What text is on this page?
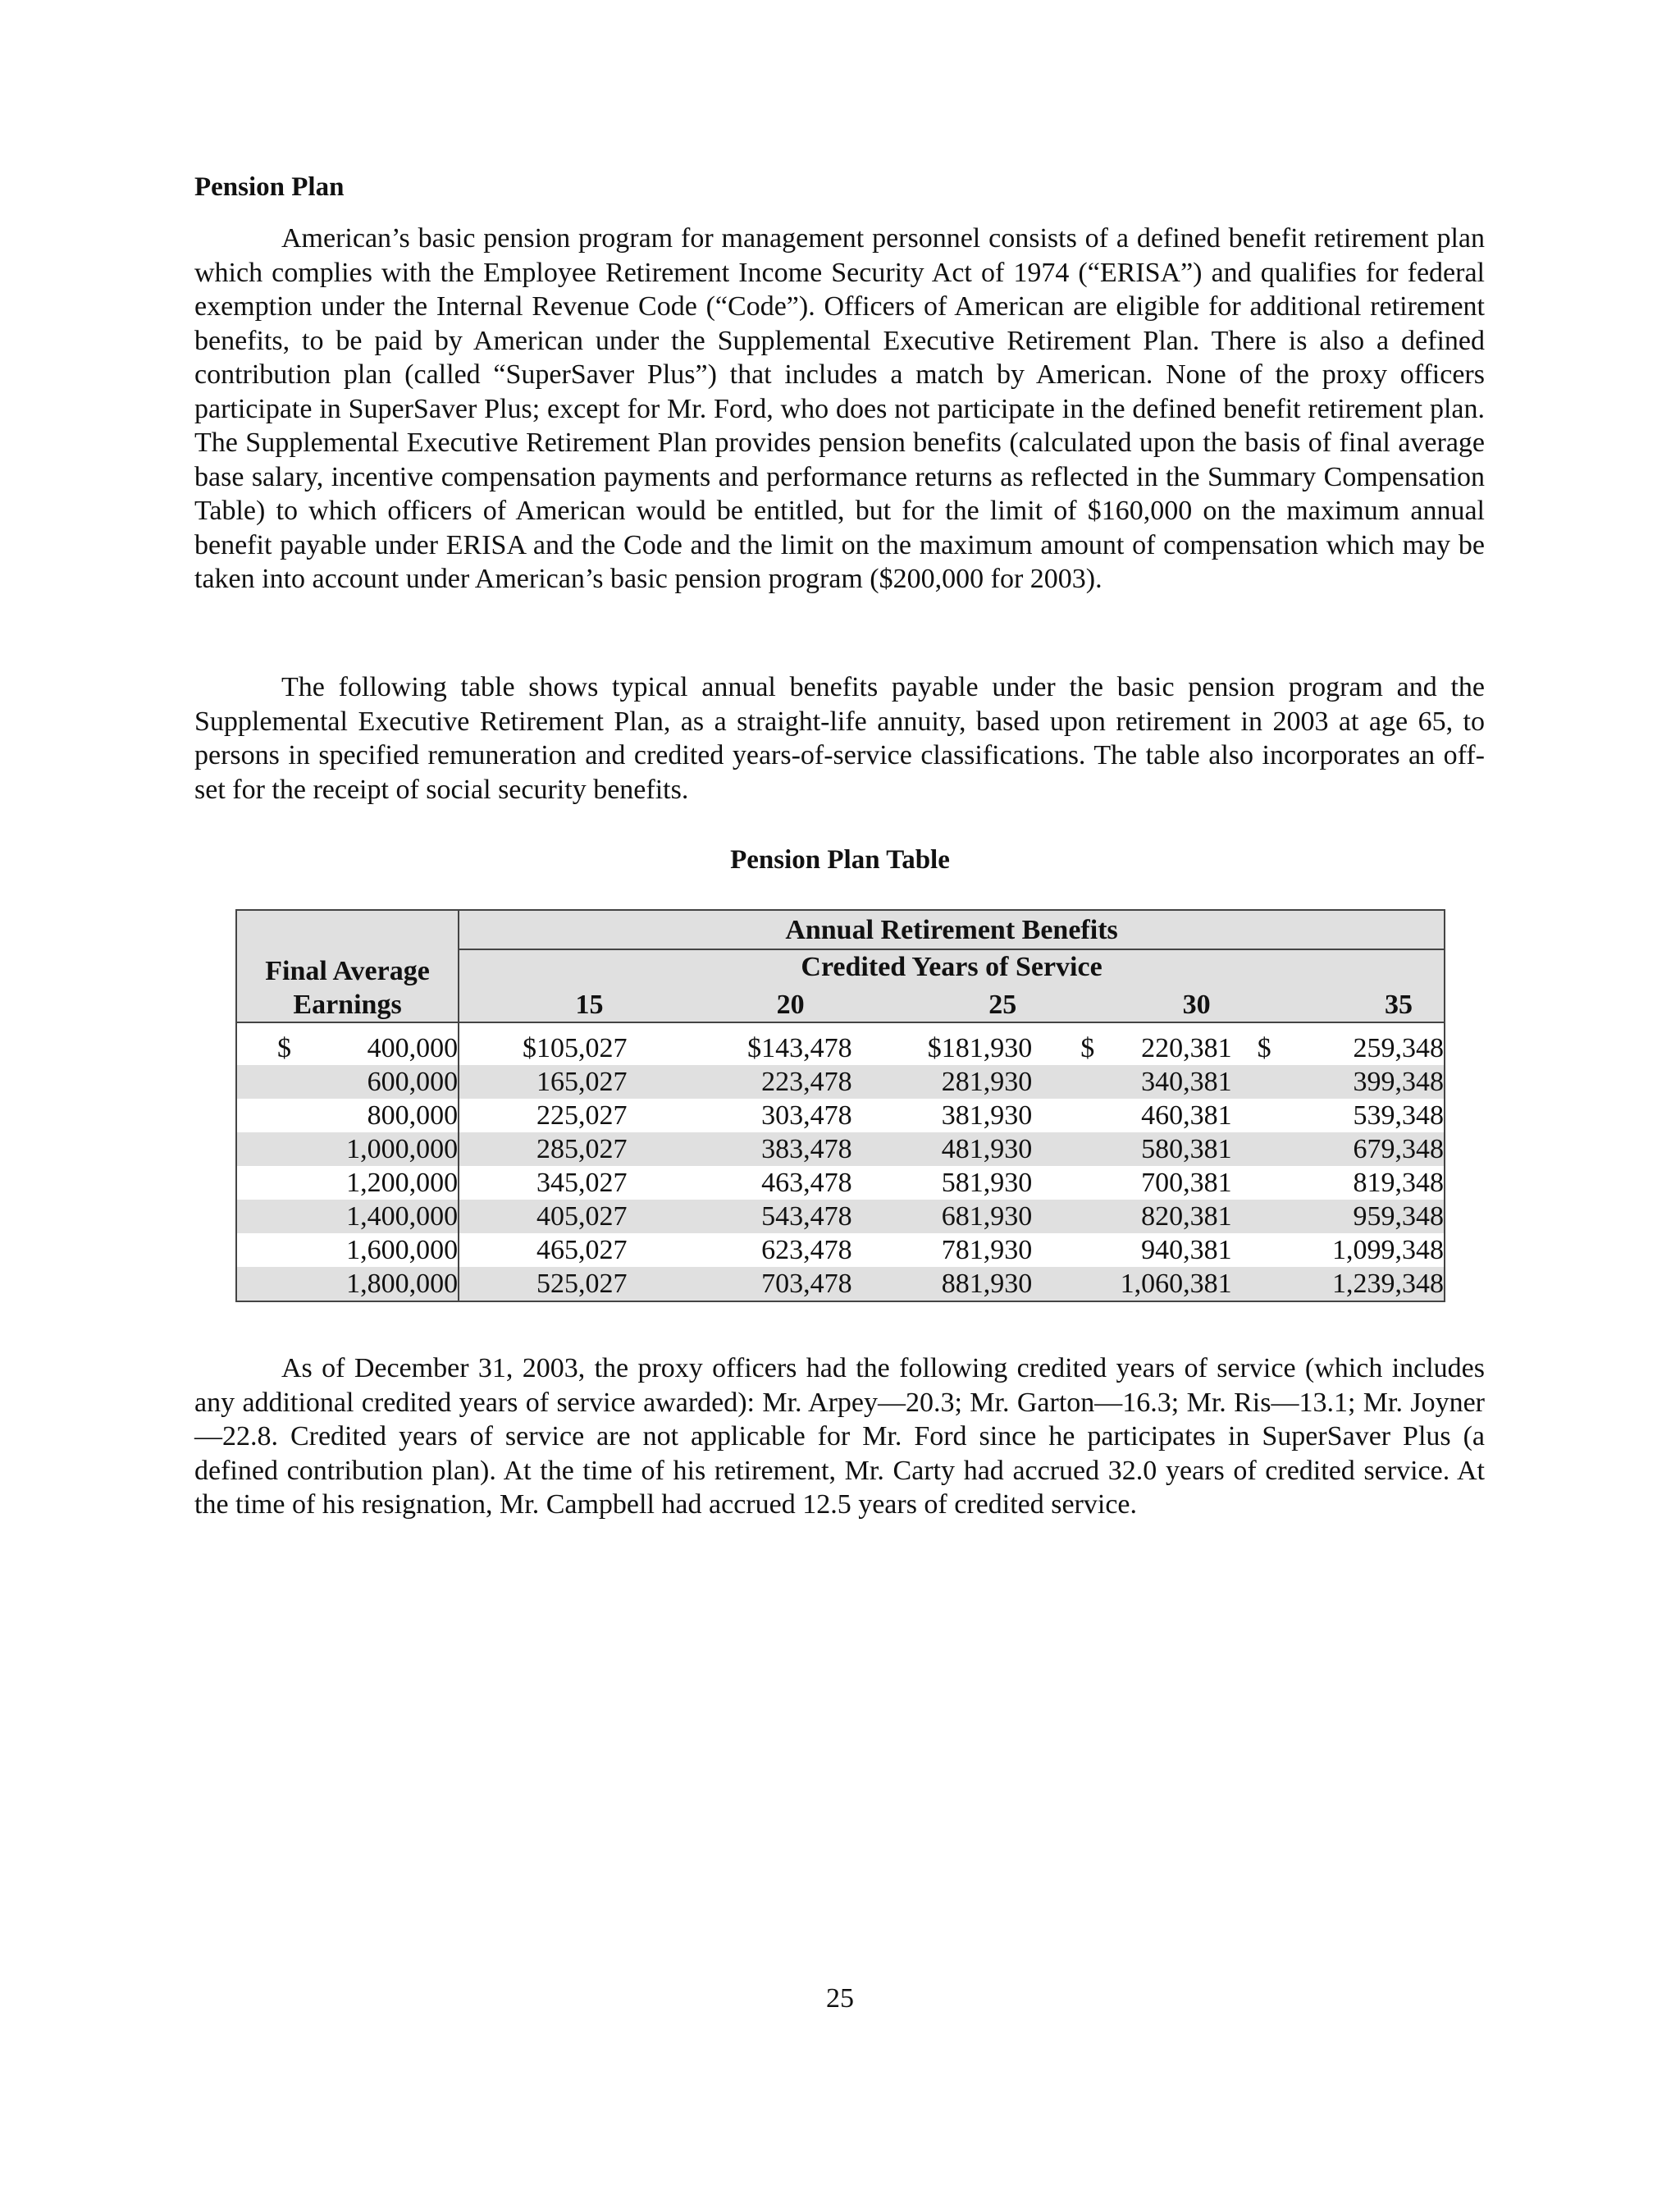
Pension Plan

American’s basic pension program for management personnel consists of a defined benefit retirement plan which complies with the Employee Retirement Income Security Act of 1974 (“ERISA”) and qualifies for federal exemption under the Internal Revenue Code (“Code”). Officers of American are eligible for additional retirement benefits, to be paid by American under the Supplemental Executive Retirement Plan. There is also a defined contribution plan (called “SuperSaver Plus”) that includes a match by American. None of the proxy officers participate in SuperSaver Plus; except for Mr. Ford, who does not participate in the defined benefit retirement plan. The Supplemental Executive Retirement Plan provides pension benefits (calculated upon the basis of final average base salary, incentive compensation payments and performance returns as reflected in the Summary Compensation Table) to which officers of American would be entitled, but for the limit of $160,000 on the maximum annual benefit payable under ERISA and the Code and the limit on the maximum amount of compensation which may be taken into account under American’s basic pension program ($200,000 for 2003).

The following table shows typical annual benefits payable under the basic pension program and the Supplemental Executive Retirement Plan, as a straight-life annuity, based upon retirement in 2003 at age 65, to persons in specified remuneration and credited years-of-service classifications. The table also incorporates an off-set for the receipt of social security benefits.

Pension Plan Table

Final Average
Earnings	Annual Retirement Benefits				
	Credited Years of Service				
	15	20	25	30	35

$ 400,000	$105,027	$143,478	$181,930	$ 220,381	$ 259,348
600,000	165,027	223,478	281,930	340,381	399,348
800,000	225,027	303,478	381,930	460,381	539,348
1,000,000	285,027	383,478	481,930	580,381	679,348
1,200,000	345,027	463,478	581,930	700,381	819,348
1,400,000	405,027	543,478	681,930	820,381	959,348
1,600,000	465,027	623,478	781,930	940,381	1,099,348
1,800,000	525,027	703,478	881,930	1,060,381	1,239,348

As of December 31, 2003, the proxy officers had the following credited years of service (which includes any additional credited years of service awarded): Mr. Arpey—20.3; Mr. Garton—16.3; Mr. Ris—13.1; Mr. Joyner—22.8. Credited years of service are not applicable for Mr. Ford since he participates in SuperSaver Plus (a defined contribution plan). At the time of his retirement, Mr. Carty had accrued 32.0 years of credited service. At the time of his resignation, Mr. Campbell had accrued 12.5 years of credited service.

25
